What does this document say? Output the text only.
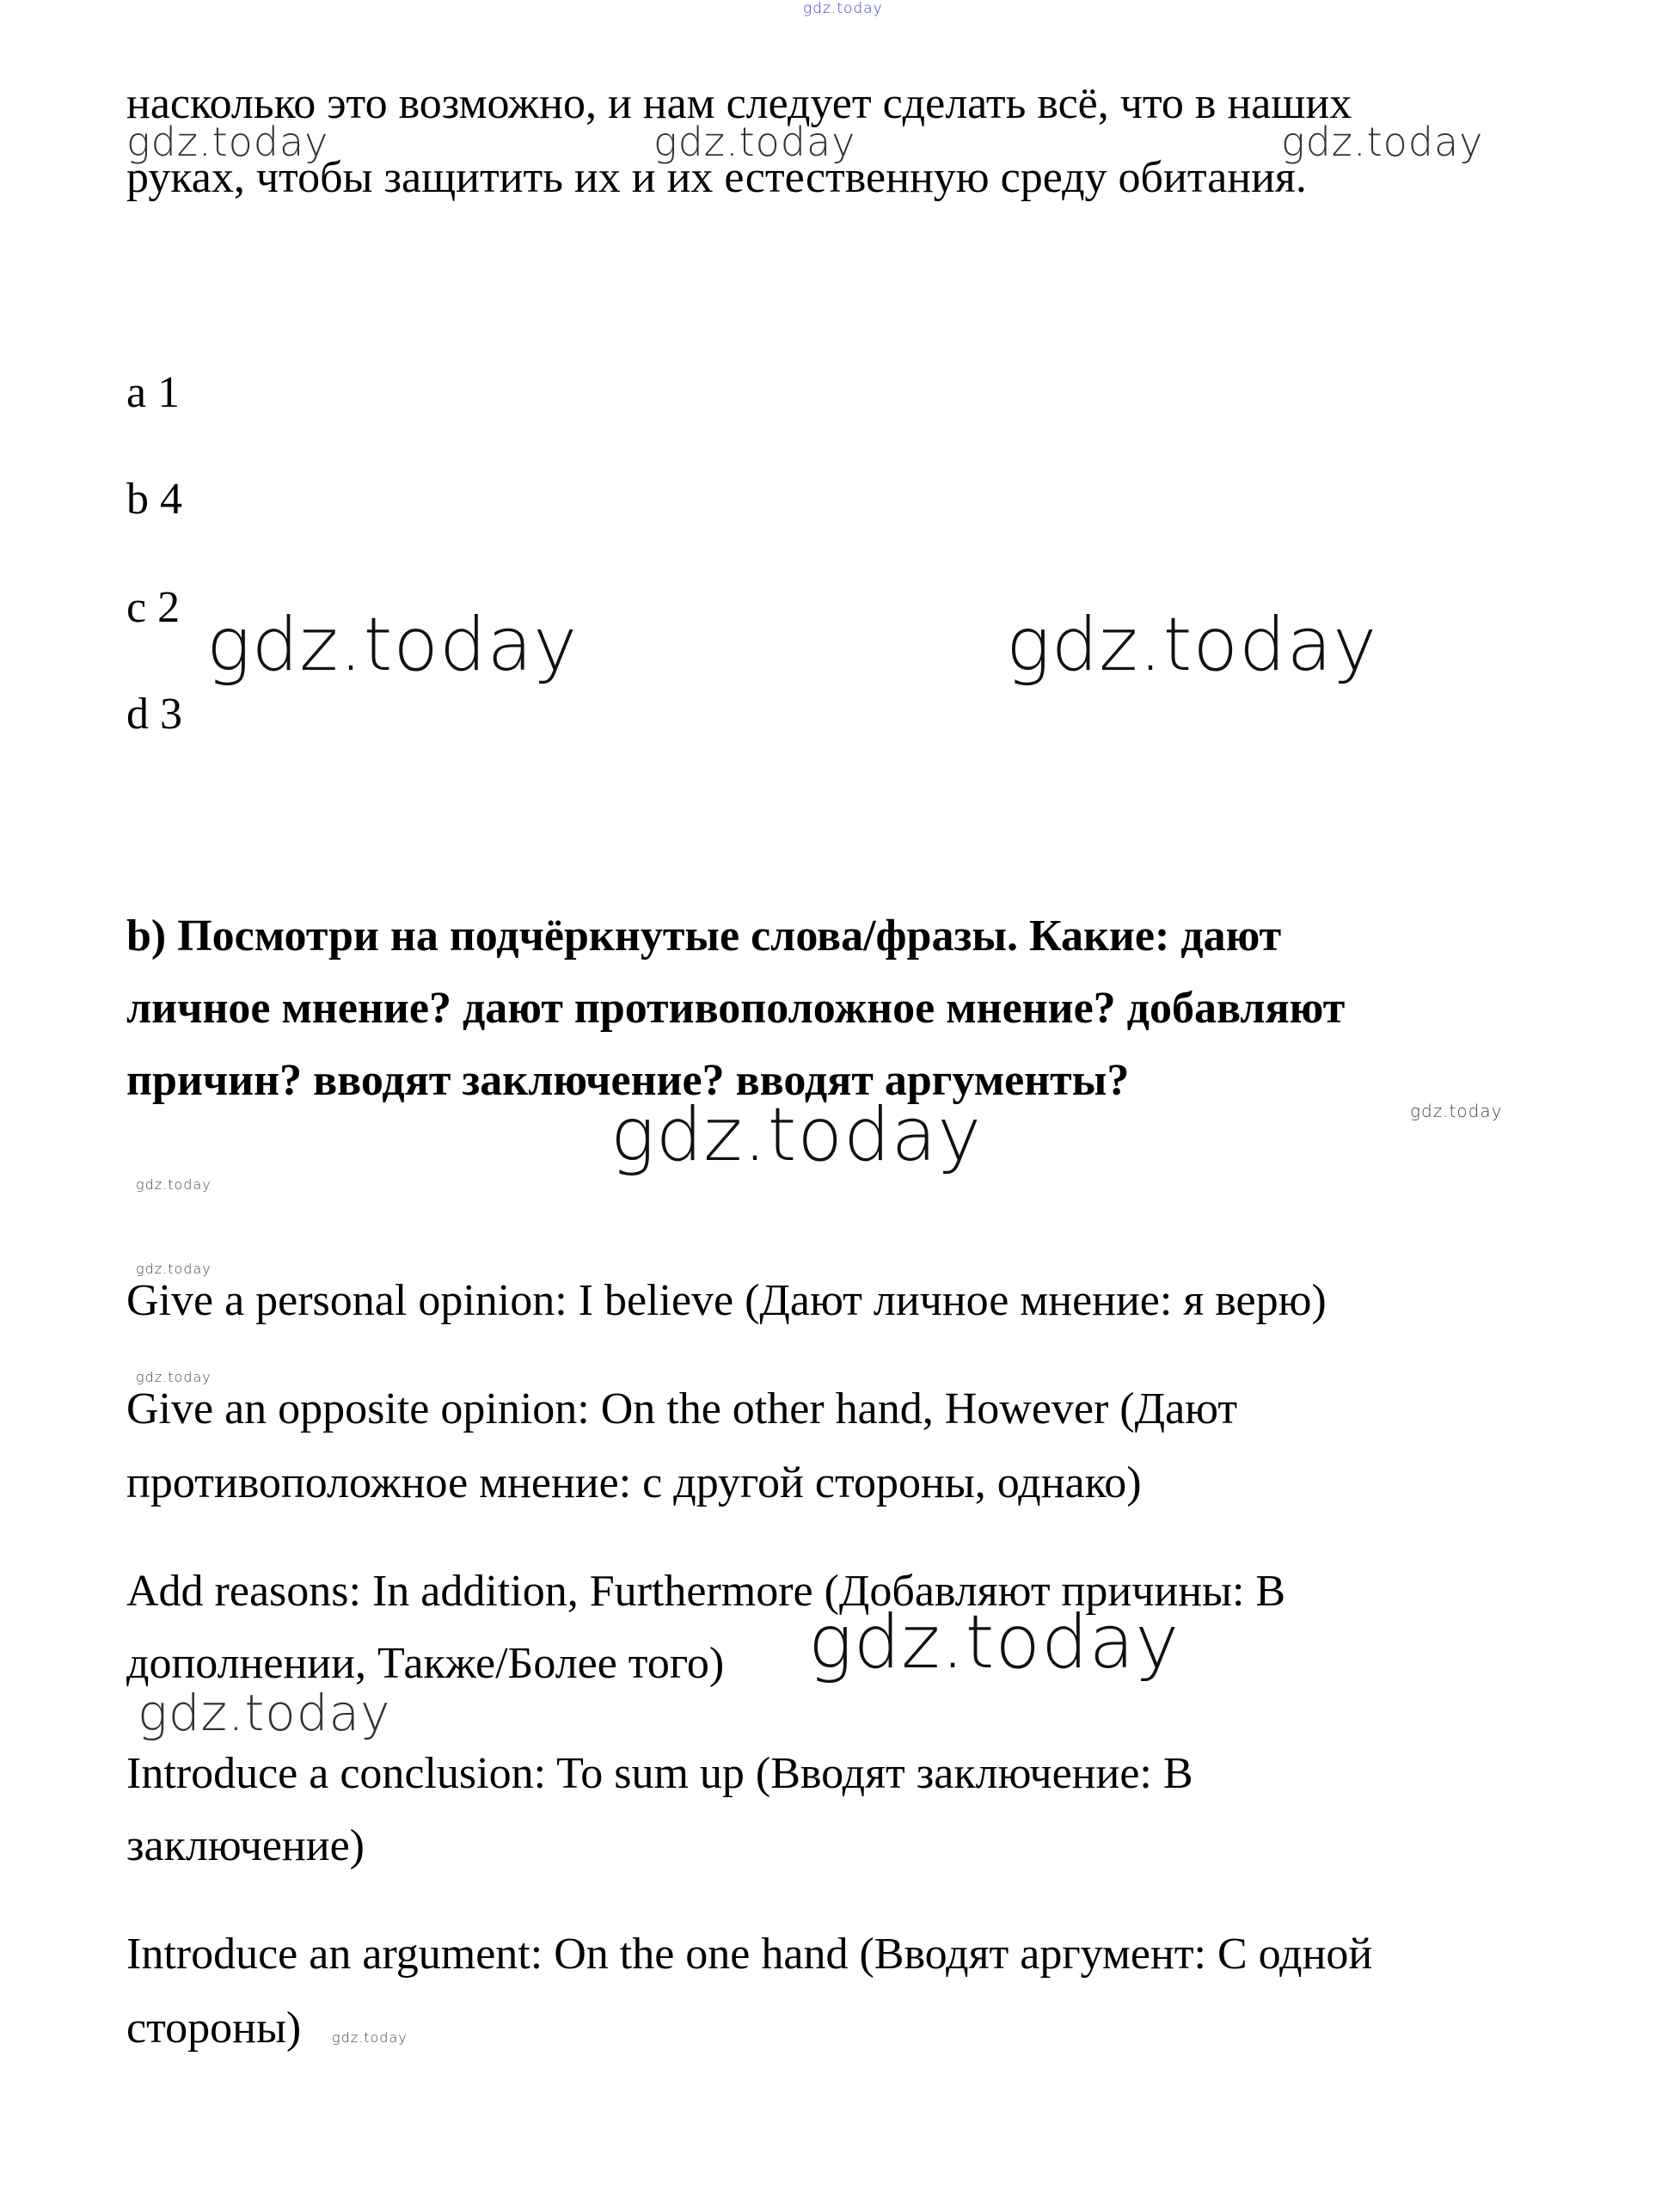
gdz.today
gdz.today	gdz.today	gdz.today

насколько это возможно, и нам следует сделать всё, что в наших

руках, чтобы защитить их и их естественную среду обитания.

a 1

b 4

c 2

d 3

gdz.today	gdz.today

b) Посмотри на подчёркнутые слова/фразы. Какие: дают

личное мнение? дают противоположное мнение? добавляют

причин? вводят заключение? вводят аргументы?

gdz.today
gdz.today
gdz.today
gdz.today

Give a personal opinion: I believe (Дают личное мнение: я верю)

gdz.today

Give an opposite opinion: On the other hand, However (Дают

противоположное мнение: с другой стороны, однако)

Add reasons: In addition, Furthermore (Добавляют причины: В

дополнении, Также/Более того) gdz.today
gdz.today

Introduce a conclusion: To sum up (Вводят заключение: В

заключение)

Introduce an argument: On the one hand (Вводят аргумент: С одной

стороны) gdz.today
